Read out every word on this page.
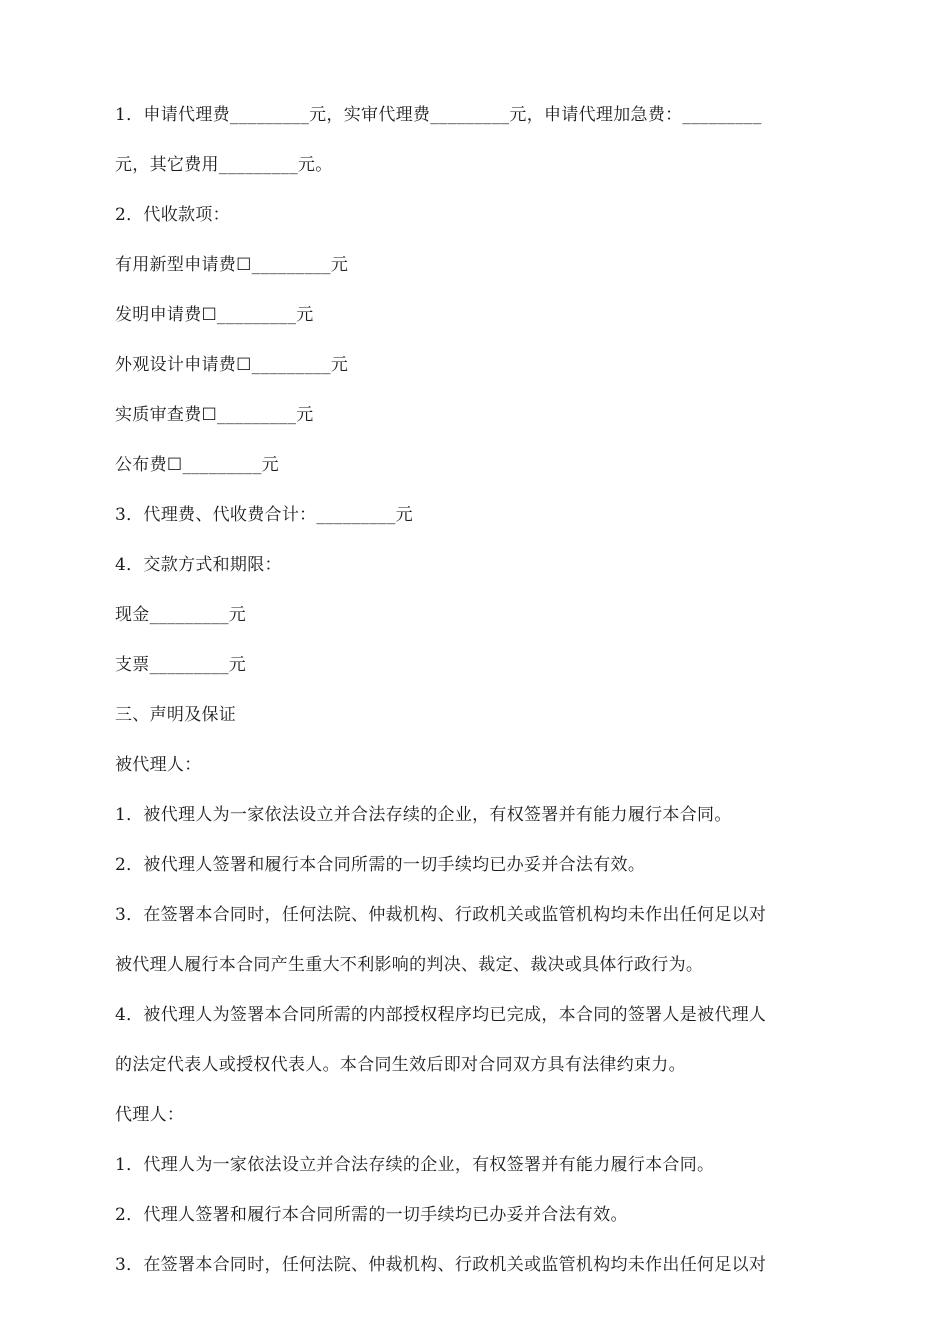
1．申请代理费_________元，实审代理费_________元，申请代理加急费：_________
元，其它费用_________元。
2．代收款项：
有用新型申请费☐_________元
发明申请费☐_________元
外观设计申请费☐_________元
实质审查费☐_________元
公布费☐_________元
3．代理费、代收费合计：_________元
4．交款方式和期限：
现金_________元
支票_________元
三、声明及保证
被代理人：
1．被代理人为一家依法设立并合法存续的企业，有权签署并有能力履行本合同。
2．被代理人签署和履行本合同所需的一切手续均已办妥并合法有效。
3．在签署本合同时，任何法院、仲裁机构、行政机关或监管机构均未作出任何足以对
被代理人履行本合同产生重大不利影响的判决、裁定、裁决或具体行政行为。
4．被代理人为签署本合同所需的内部授权程序均已完成，本合同的签署人是被代理人
的法定代表人或授权代表人。本合同生效后即对合同双方具有法律约束力。
代理人：
1．代理人为一家依法设立并合法存续的企业，有权签署并有能力履行本合同。
2．代理人签署和履行本合同所需的一切手续均已办妥并合法有效。
3．在签署本合同时，任何法院、仲裁机构、行政机关或监管机构均未作出任何足以对
